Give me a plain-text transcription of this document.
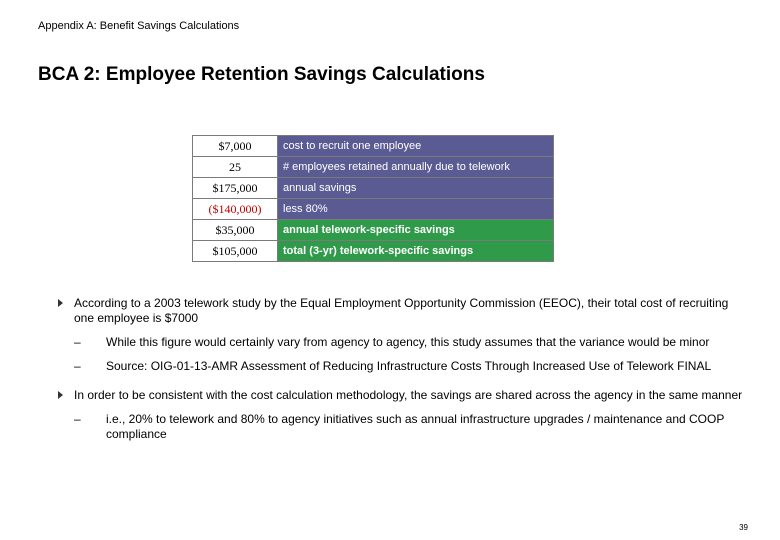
Appendix A: Benefit Savings Calculations
BCA 2: Employee Retention Savings Calculations
$7,000	cost to recruit one employee
25	# employees retained annually due to telework
$175,000	annual savings
($140,000)	less 80%
$35,000	annual telework-specific savings
$105,000	total (3-yr) telework-specific savings
According to a 2003 telework study by the Equal Employment Opportunity Commission (EEOC), their total cost of recruiting one employee is $7000
– While this figure would certainly vary from agency to agency, this study assumes that the variance would be minor
– Source: OIG-01-13-AMR Assessment of Reducing Infrastructure Costs Through Increased Use of Telework FINAL
In order to be consistent with the cost calculation methodology, the savings are shared across the agency in the same manner
– i.e., 20% to telework and 80% to agency initiatives such as annual infrastructure upgrades / maintenance and COOP compliance
39
